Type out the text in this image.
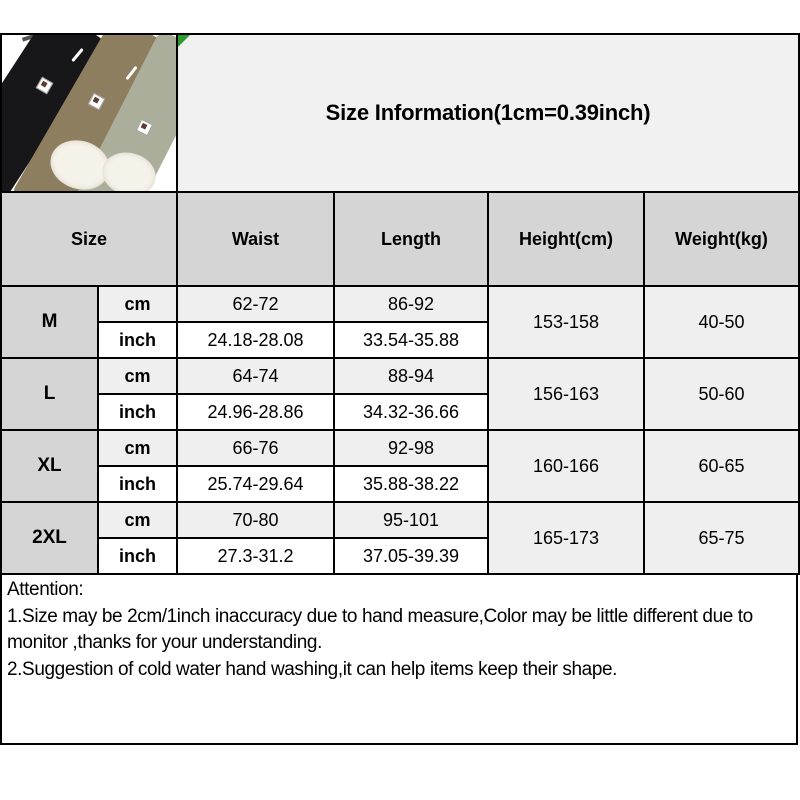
		Size Information(1cm=0.39inch)			

Size		Waist	Length	Height(cm)	Weight(kg)
M	cm	62-72	86-92	153-158	40-50
	inch	24.18-28.08	33.54-35.88		
L	cm	64-74	88-94	156-163	50-60
	inch	24.96-28.86	34.32-36.66		
XL	cm	66-76	92-98	160-166	60-65
	inch	25.74-29.64	35.88-38.22		
2XL	cm	70-80	95-101	165-173	65-75
	inch	27.3-31.2	37.05-39.39		
Attention:
1.Size may be 2cm/1inch inaccuracy due to hand measure,Color may be little different due to monitor ,thanks for your understanding.
2.Suggestion of cold water hand washing,it can help items keep their shape.
